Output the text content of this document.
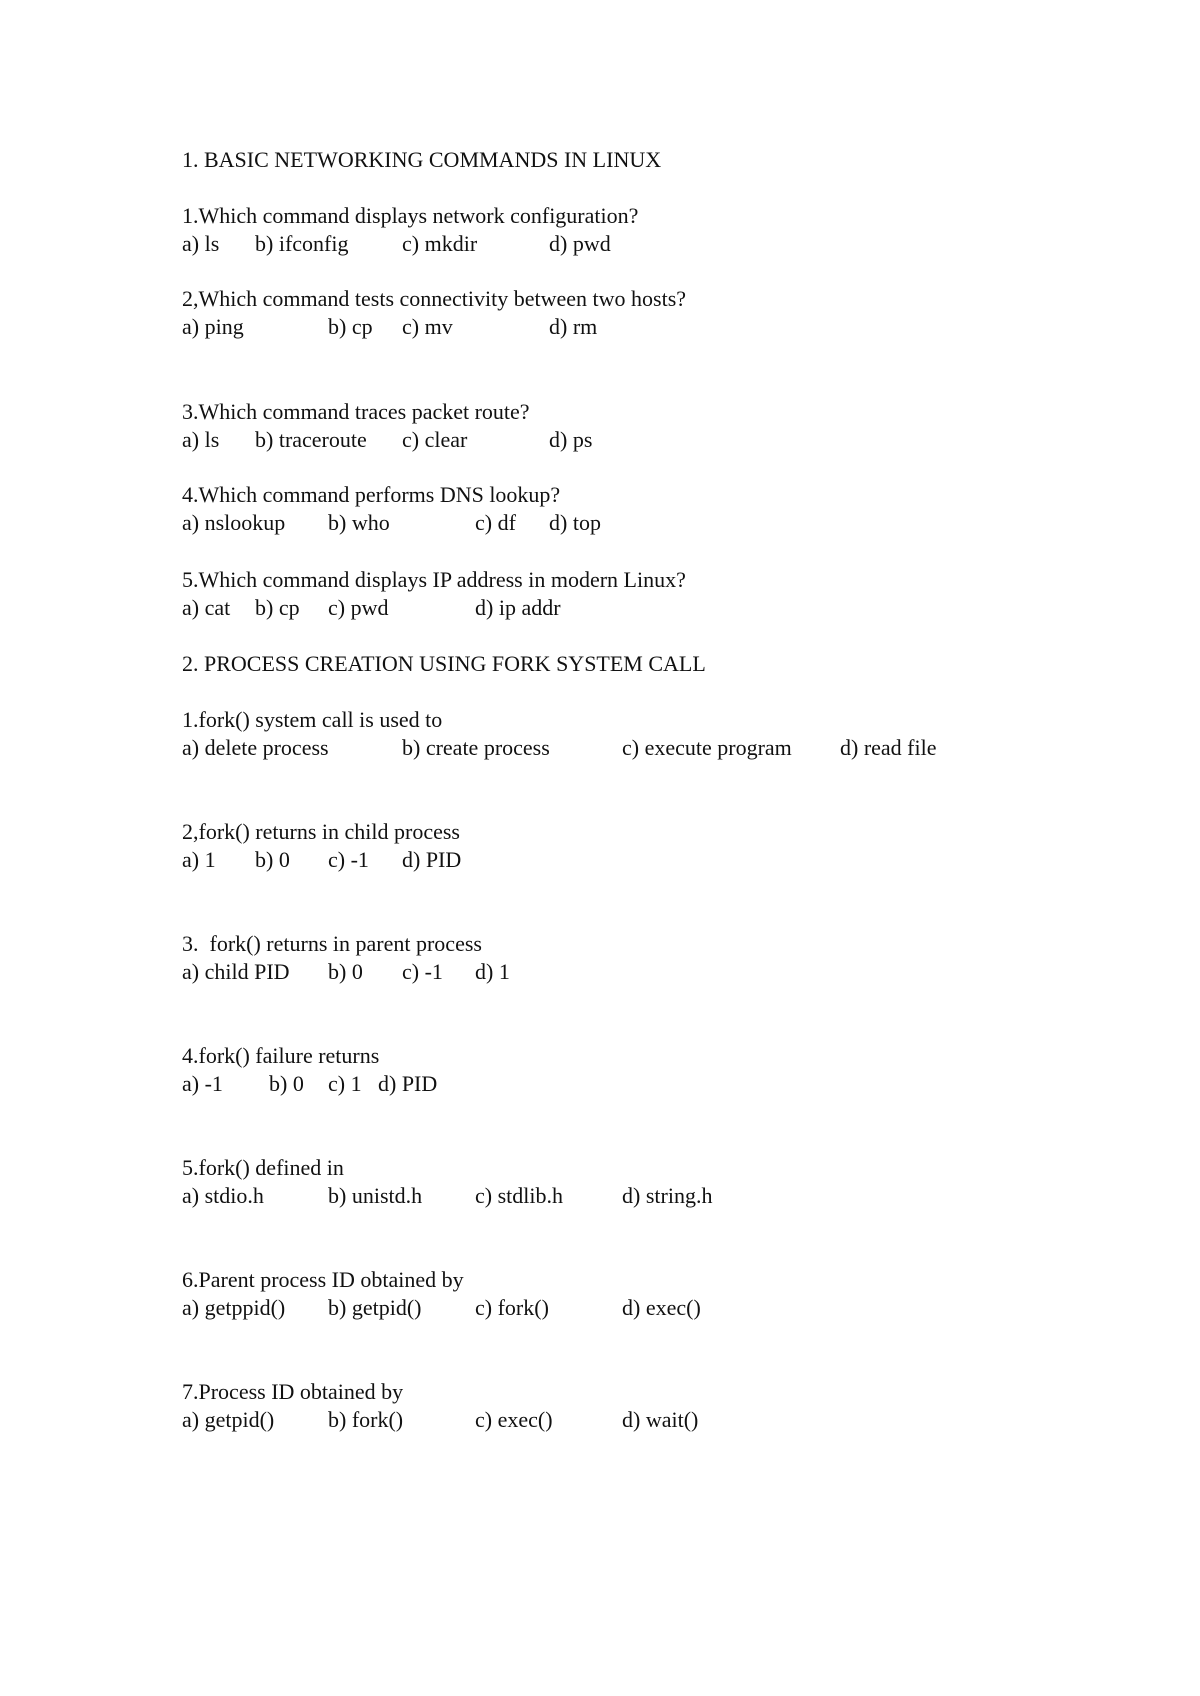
1. BASIC NETWORKING COMMANDS IN LINUX
1.Which command displays network configuration?

a) ls

b) ifconfig

c) mkdir

	d) pwd

2,Which command tests connectivity between two hosts?

a) ping

	b) cp

c) mv

	d) rm

3.Which command traces packet route?

a) ls

b) traceroute

c) clear

	d) ps

4.Which command performs DNS lookup?

a) nslookup

b) who

	c) df

d) top

5.Which command displays IP address in modern Linux?

a) cat

b) cp

c) pwd

	d) ip addr

2. PROCESS CREATION USING FORK SYSTEM CALL
1.fork() system call is used to

a) delete process

	b) create process

	c) execute program

d) read file

2,fork() returns in child process

a) 1

b) 0

c) -1

d) PID

3.  fork() returns in parent process

a) child PID

b) 0

c) -1

d) 1

4.fork() failure returns

a) -1

b) 0

c) 1

d) PID

5.fork() defined in

a) stdio.h

	b) unistd.h

c) stdlib.h

	d) string.h

6.Parent process ID obtained by

a) getppid()

b) getpid()

c) fork()

	d) exec()

7.Process ID obtained by

a) getpid()

b) fork()

	c) exec()

	d) wait()
